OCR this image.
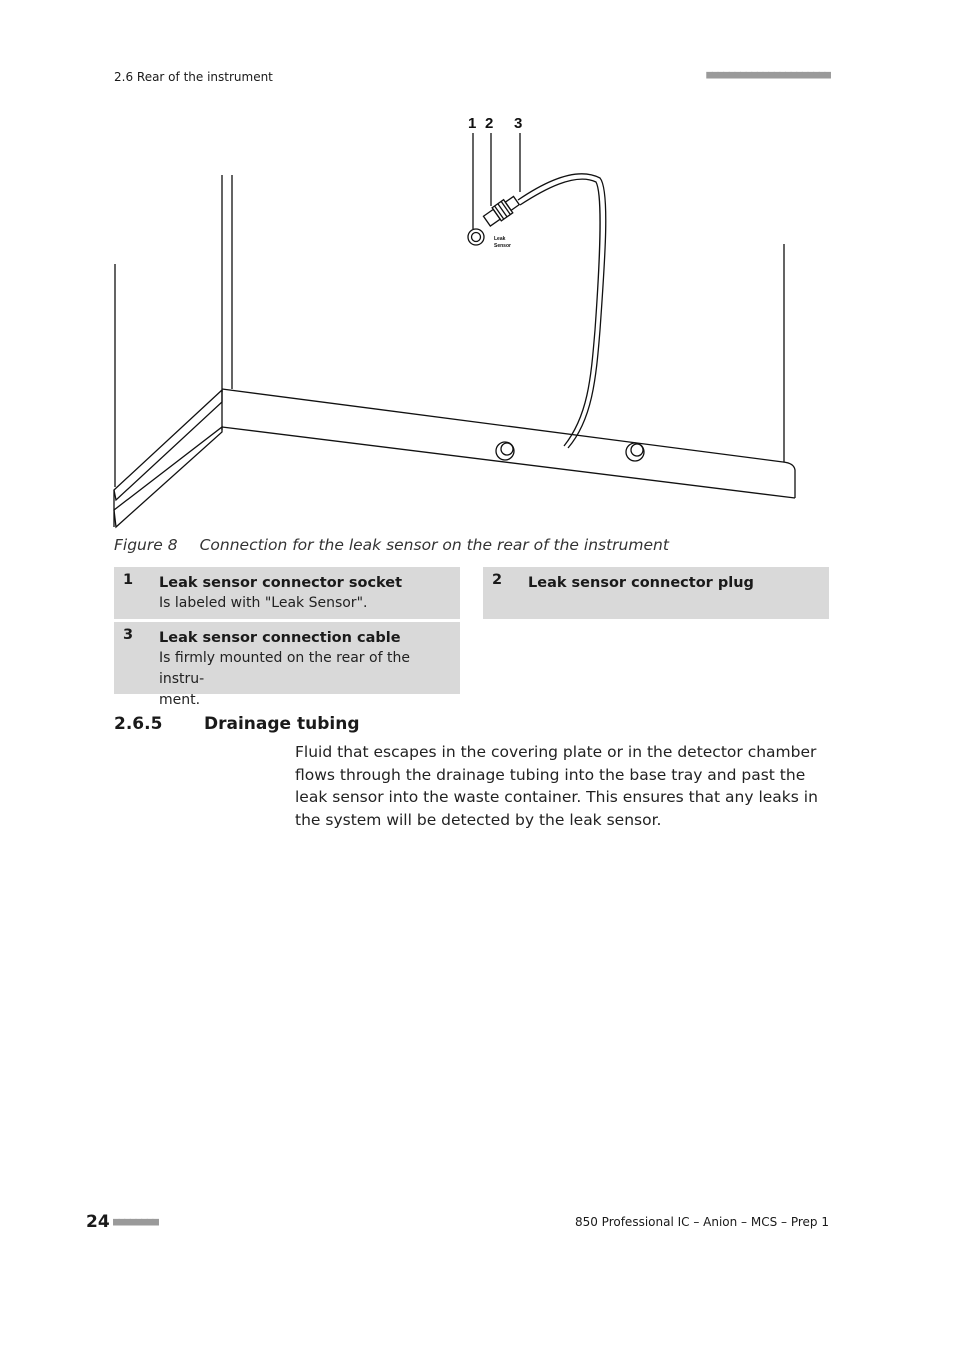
2.6 Rear of the instrument	■■■■■■■■■■■■■■■■■■■■■■
1 2 3
Leak
Sensor
Figure 8 Connection for the leak sensor on the rear of the instrument
1 Leak sensor connector socket
Is labeled with "Leak Sensor".
2 Leak sensor connector plug
3 Leak sensor connection cable
Is firmly mounted on the rear of the instru-
ment.
2.6.5 Drainage tubing
Fluid that escapes in the covering plate or in the detector chamber flows through the drainage tubing into the base tray and past the leak sensor into the waste container. This ensures that any leaks in the system will be detected by the leak sensor.
24 ■■■■■■■■	850 Professional IC – Anion – MCS – Prep 1
